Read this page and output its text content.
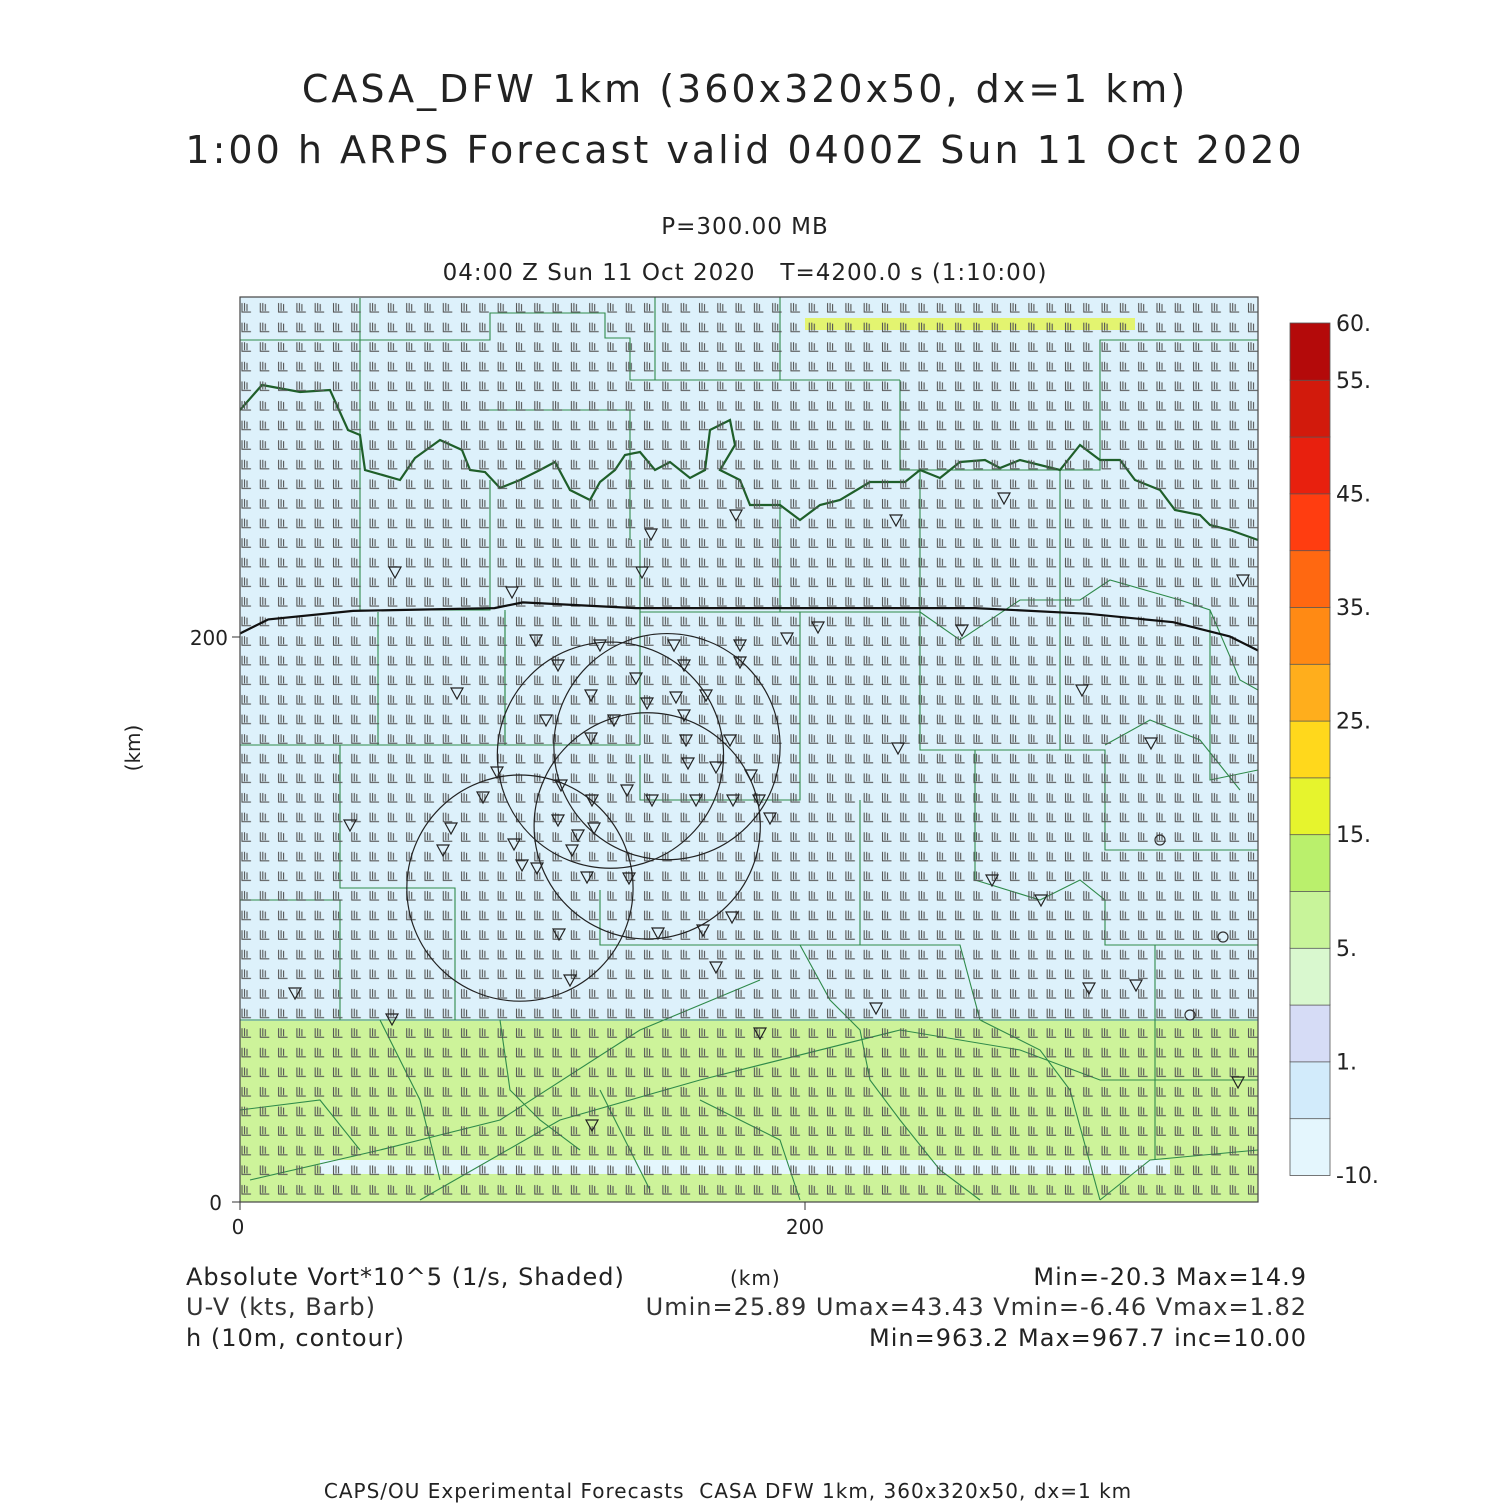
CASA_DFW 1km (360x320x50, dx=1 km)
1:00 h ARPS Forecast valid 0400Z Sun 11 Oct 2020
P=300.00 MB
04:00 Z Sun 11 Oct 2020   T=4200.0 s (1:10:00)
200
0
0	200
(km)
-10.
1.
5.
15.
25.
35.
45.
55.
60.
Absolute Vort*10^5 (1/s, Shaded)
U-V (kts, Barb)
h (10m, contour)
(km)	Min=-20.3 Max=14.9
Umin=25.89 Umax=43.43 Vmin=-6.46 Vmax=1.82
Min=963.2 Max=967.7 inc=10.00
CAPS/OU Experimental Forecasts  CASA DFW 1km, 360x320x50, dx=1 km
